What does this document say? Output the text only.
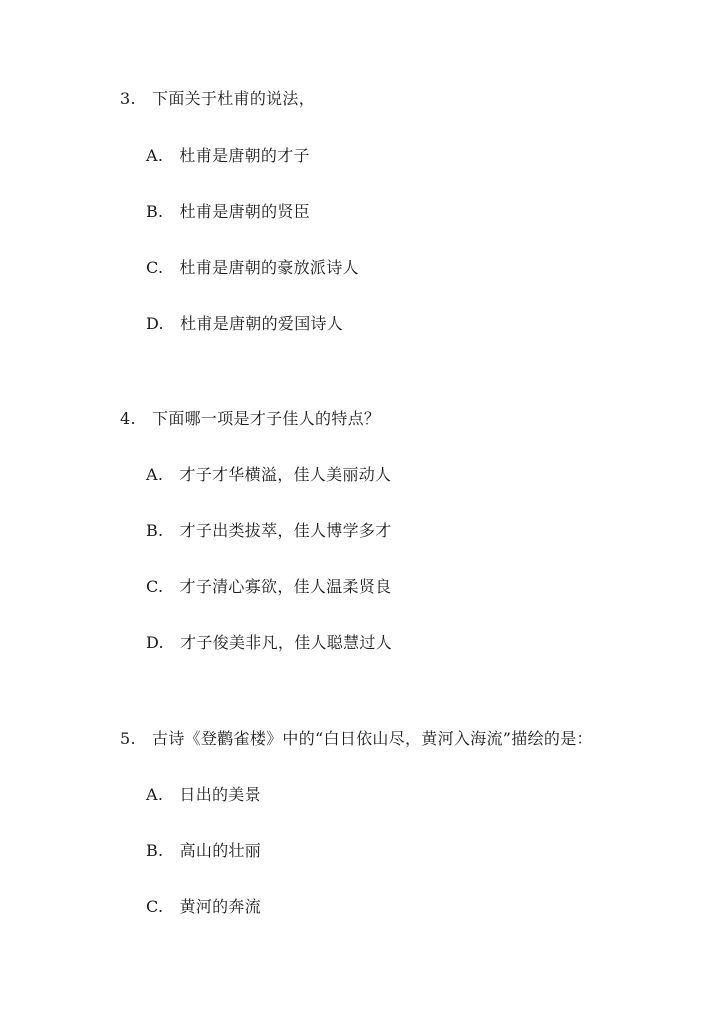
3.   下面关于杜甫的说法，
A.   杜甫是唐朝的才子
B.   杜甫是唐朝的贤臣
C.   杜甫是唐朝的豪放派诗人
D.   杜甫是唐朝的爱国诗人
4.   下面哪一项是才子佳人的特点？
A.   才子才华横溢，佳人美丽动人
B.   才子出类拔萃，佳人博学多才
C.   才子清心寡欲，佳人温柔贤良
D.   才子俊美非凡，佳人聪慧过人
5.   古诗《登鹳雀楼》中的“白日依山尽，黄河入海流”描绘的是：
A.   日出的美景
B.   高山的壮丽
C.   黄河的奔流
